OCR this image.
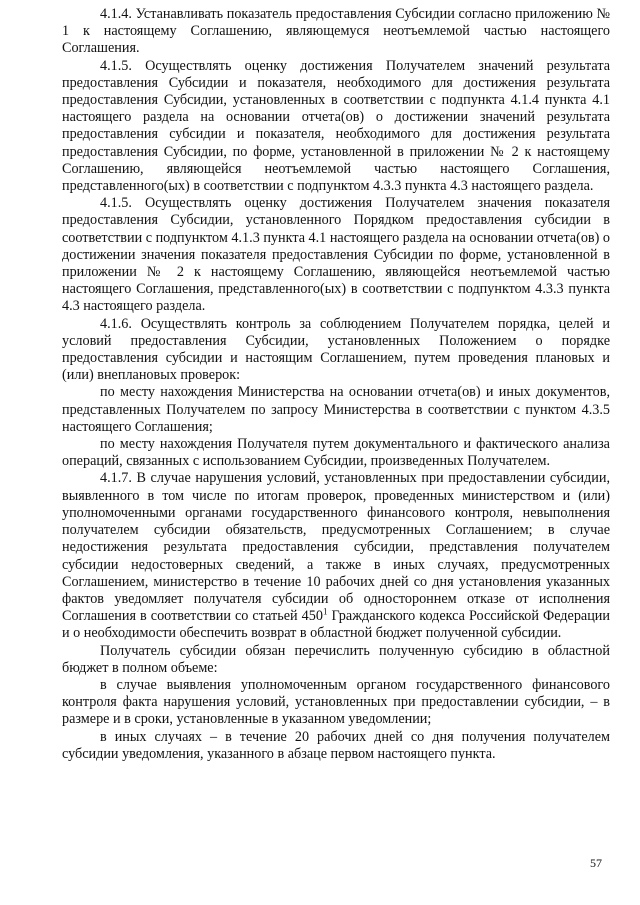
4.1.4. Устанавливать показатель предоставления Субсидии согласно приложению № 1 к настоящему Соглашению, являющемуся неотъемлемой частью настоящего Соглашения.

4.1.5. Осуществлять оценку достижения Получателем значений результата предоставления Субсидии и показателя, необходимого для достижения результата предоставления Субсидии, установленных в соответствии с подпункта 4.1.4 пункта 4.1 настоящего раздела на основании отчета(ов) о достижении значений результата предоставления субсидии и показателя, необходимого для достижения результата предоставления Субсидии, по форме, установленной в приложении № 2 к настоящему Соглашению, являющейся неотъемлемой частью настоящего Соглашения, представленного(ых) в соответствии с подпунктом 4.3.3 пункта 4.3 настоящего раздела.

4.1.5. Осуществлять оценку достижения Получателем значения показателя предоставления Субсидии, установленного Порядком предоставления субсидии в соответствии с подпунктом 4.1.3 пункта 4.1 настоящего раздела на основании отчета(ов) о достижении значения показателя предоставления Субсидии по форме, установленной в приложении № 2 к настоящему Соглашению, являющейся неотъемлемой частью настоящего Соглашения, представленного(ых) в соответствии с подпунктом 4.3.3 пункта 4.3 настоящего раздела.

4.1.6. Осуществлять контроль за соблюдением Получателем порядка, целей и условий предоставления Субсидии, установленных Положением о порядке предоставления субсидии и настоящим Соглашением, путем проведения плановых и (или) внеплановых проверок:

по месту нахождения Министерства на основании отчета(ов) и иных документов, представленных Получателем по запросу Министерства в соответствии с пунктом 4.3.5 настоящего Соглашения;

по месту нахождения Получателя путем документального и фактического анализа операций, связанных с использованием Субсидии, произведенных Получателем.

4.1.7. В случае нарушения условий, установленных при предоставлении субсидии, выявленного в том числе по итогам проверок, проведенных министерством и (или) уполномоченными органами государственного финансового контроля, невыполнения получателем субсидии обязательств, предусмотренных Соглашением; в случае недостижения результата предоставления субсидии, представления получателем субсидии недостоверных сведений, а также в иных случаях, предусмотренных Соглашением, министерство в течение 10 рабочих дней со дня установления указанных фактов уведомляет получателя субсидии об одностороннем отказе от исполнения Соглашения в соответствии со статьей $450^1$ Гражданского кодекса Российской Федерации и о необходимости обеспечить возврат в областной бюджет полученной субсидии.

Получатель субсидии обязан перечислить полученную субсидию в областной бюджет в полном объеме:

в случае выявления уполномоченным органом государственного финансового контроля факта нарушения условий, установленных при предоставлении субсидии, – в размере и в сроки, установленные в указанном уведомлении;

в иных случаях – в течение 20 рабочих дней со дня получения получателем субсидии уведомления, указанного в абзаце первом настоящего пункта.

57
